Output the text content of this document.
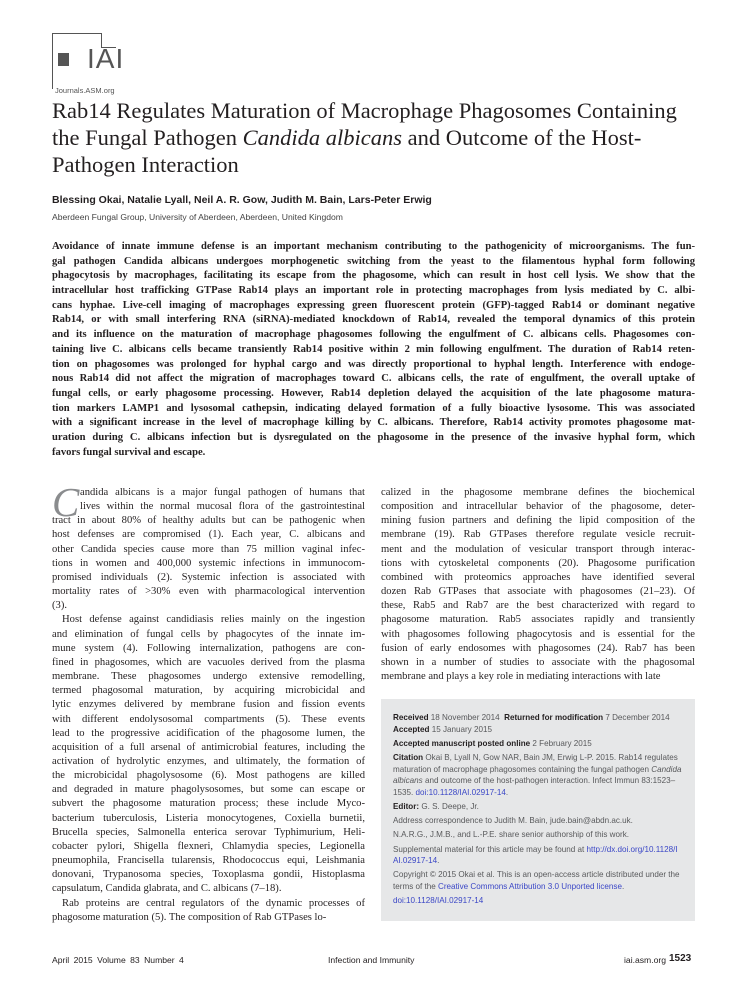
IAI
Journals.ASM.org
Rab14 Regulates Maturation of Macrophage Phagosomes Containing the Fungal Pathogen Candida albicans and Outcome of the Host-Pathogen Interaction
Blessing Okai, Natalie Lyall, Neil A. R. Gow, Judith M. Bain, Lars-Peter Erwig
Aberdeen Fungal Group, University of Aberdeen, Aberdeen, United Kingdom
Avoidance of innate immune defense is an important mechanism contributing to the pathogenicity of microorganisms. The fun-
gal pathogen Candida albicans undergoes morphogenetic switching from the yeast to the filamentous hyphal form following
phagocytosis by macrophages, facilitating its escape from the phagosome, which can result in host cell lysis. We show that the
intracellular host trafficking GTPase Rab14 plays an important role in protecting macrophages from lysis mediated by C. albi-
cans hyphae. Live-cell imaging of macrophages expressing green fluorescent protein (GFP)-tagged Rab14 or dominant negative
Rab14, or with small interfering RNA (siRNA)-mediated knockdown of Rab14, revealed the temporal dynamics of this protein
and its influence on the maturation of macrophage phagosomes following the engulfment of C. albicans cells. Phagosomes con-
taining live C. albicans cells became transiently Rab14 positive within 2 min following engulfment. The duration of Rab14 reten-
tion on phagosomes was prolonged for hyphal cargo and was directly proportional to hyphal length. Interference with endoge-
nous Rab14 did not affect the migration of macrophages toward C. albicans cells, the rate of engulfment, the overall uptake of
fungal cells, or early phagosome processing. However, Rab14 depletion delayed the acquisition of the late phagosome matura-
tion markers LAMP1 and lysosomal cathepsin, indicating delayed formation of a fully bioactive lysosome. This was associated
with a significant increase in the level of macrophage killing by C. albicans. Therefore, Rab14 activity promotes phagosome mat-
uration during C. albicans infection but is dysregulated on the phagosome in the presence of the invasive hyphal form, which
favors fungal survival and escape.
C andida albicans is a major fungal pathogen of humans that
lives within the normal mucosal flora of the gastrointestinal
tract in about 80% of healthy adults but can be pathogenic when
host defenses are compromised (1). Each year, C. albicans and
other Candida species cause more than 75 million vaginal infec-
tions in women and 400,000 systemic infections in immunocom-
promised individuals (2). Systemic infection is associated with
mortality rates of >30% even with pharmacological intervention
(3).
Host defense against candidiasis relies mainly on the ingestion
and elimination of fungal cells by phagocytes of the innate im-
mune system (4). Following internalization, pathogens are con-
fined in phagosomes, which are vacuoles derived from the plasma
membrane. These phagosomes undergo extensive remodelling,
termed phagosomal maturation, by acquiring microbicidal and
lytic enzymes delivered by membrane fusion and fission events
with different endolysosomal compartments (5). These events
lead to the progressive acidification of the phagosome lumen, the
acquisition of a full arsenal of antimicrobial features, including the
activation of hydrolytic enzymes, and ultimately, the formation of
the microbicidal phagolysosome (6). Most pathogens are killed
and degraded in mature phagolysosomes, but some can escape or
subvert the phagosome maturation process; these include Myco-
bacterium tuberculosis, Listeria monocytogenes, Coxiella burnetii,
Brucella species, Salmonella enterica serovar Typhimurium, Heli-
cobacter pylori, Shigella flexneri, Chlamydia species, Legionella
pneumophila, Francisella tularensis, Rhodococcus equi, Leishmania
donovani, Trypanosoma species, Toxoplasma gondii, Histoplasma
capsulatum, Candida glabrata, and C. albicans (7–18).
Rab proteins are central regulators of the dynamic processes of
phagosome maturation (5). The composition of Rab GTPases lo-
calized in the phagosome membrane defines the biochemical
composition and intracellular behavior of the phagosome, deter-
mining fusion partners and defining the lipid composition of the
membrane (19). Rab GTPases therefore regulate vesicle recruit-
ment and the modulation of vesicular transport through interac-
tions with cytoskeletal components (20). Phagosome purification
combined with proteomics approaches have identified several
dozen Rab GTPases that associate with phagosomes (21–23). Of
these, Rab5 and Rab7 are the best characterized with regard to
phagosome maturation. Rab5 associates rapidly and transiently
with phagosomes following phagocytosis and is essential for the
fusion of early endosomes with phagosomes (24). Rab7 has been
shown in a number of studies to associate with the phagosomal
membrane and plays a key role in mediating interactions with late

Received 18 November 2014 Returned for modification 7 December 2014
Accepted 15 January 2015

Accepted manuscript posted online 2 February 2015

Citation Okai B, Lyall N, Gow NAR, Bain JM, Erwig L-P. 2015. Rab14 regulates maturation of macrophage phagosomes containing the fungal pathogen Candida albicans and outcome of the host-pathogen interaction. Infect Immun 83:1523–1535. doi:10.1128/IAI.02917-14.

Editor: G. S. Deepe, Jr.

Address correspondence to Judith M. Bain, jude.bain@abdn.ac.uk.

N.A.R.G., J.M.B., and L.-P.E. share senior authorship of this work.

Supplemental material for this article may be found at http://dx.doi.org/10.1128/IAI.02917-14.

Copyright © 2015 Okai et al. This is an open-access article distributed under the terms of the Creative Commons Attribution 3.0 Unported license.

doi:10.1128/IAI.02917-14

April 2015 Volume 83 Number 4	Infection and Immunity	iai.asm.org 1523
